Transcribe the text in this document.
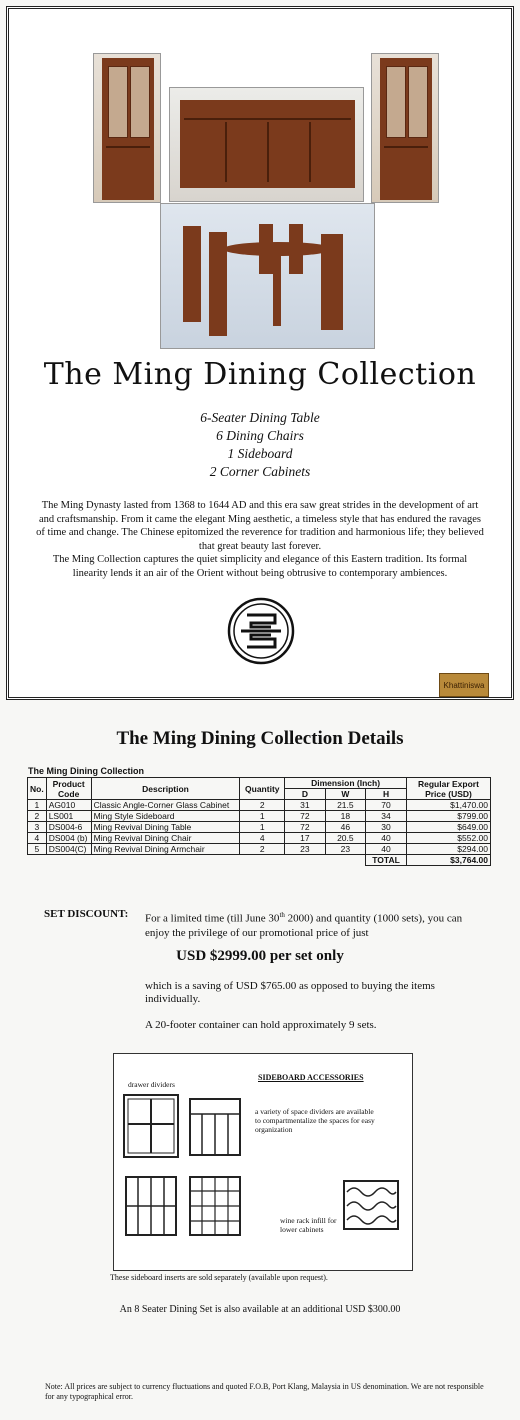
The Ming Dining Collection
6-Seater Dining Table
6 Dining Chairs
1 Sideboard
2 Corner Cabinets
The Ming Dynasty lasted from 1368 to 1644 AD and this era saw great strides in the development of art and craftsmanship. From it came the elegant Ming aesthetic, a timeless style that has endured the ravages of time and change. The Chinese epitomized the reverence for tradition and harmonious life; they believed that great beauty last forever.
The Ming Collection captures the quiet simplicity and elegance of this Eastern tradition. Its formal linearity lends it an air of the Orient without being obtrusive to contemporary ambiences.
Khattiniswa
The Ming Dining Collection Details
The Ming Dining Collection
No.	Product Code	Description	Quantity	Dimension (Inch)			Regular Export Price (USD)
				D	W	H	
1	AG010	Classic Angle-Corner Glass Cabinet	2	31	21.5	70	$1,470.00
2	LS001	Ming Style Sideboard	1	72	18	34	$799.00
3	DS004-6	Ming Revival Dining Table	1	72	46	30	$649.00
4	DS004 (b)	Ming Revival Dining Chair	4	17	20.5	40	$552.00
5	DS004(C)	Ming Revival Dining Armchair	2	23	23	40	$294.00
						TOTAL	$3,764.00
SET DISCOUNT: For a limited time (till June 30th 2000) and quantity (1000 sets), you can enjoy the privilege of our promotional price of just
USD $2999.00 per set only
which is a saving of USD $765.00 as opposed to buying the items individually.
A 20-footer container can hold approximately 9 sets.
SIDEBOARD ACCESSORIES
drawer dividers
a variety of space dividers are available to compartmentalize the spaces for easy organization
wine rack infill for lower cabinets
These sideboard inserts are sold separately (available upon request).
An 8 Seater Dining Set is also available at an additional USD $300.00
Note: All prices are subject to currency fluctuations and quoted F.O.B, Port Klang, Malaysia in US denomination. We are not responsible for any typographical error.
